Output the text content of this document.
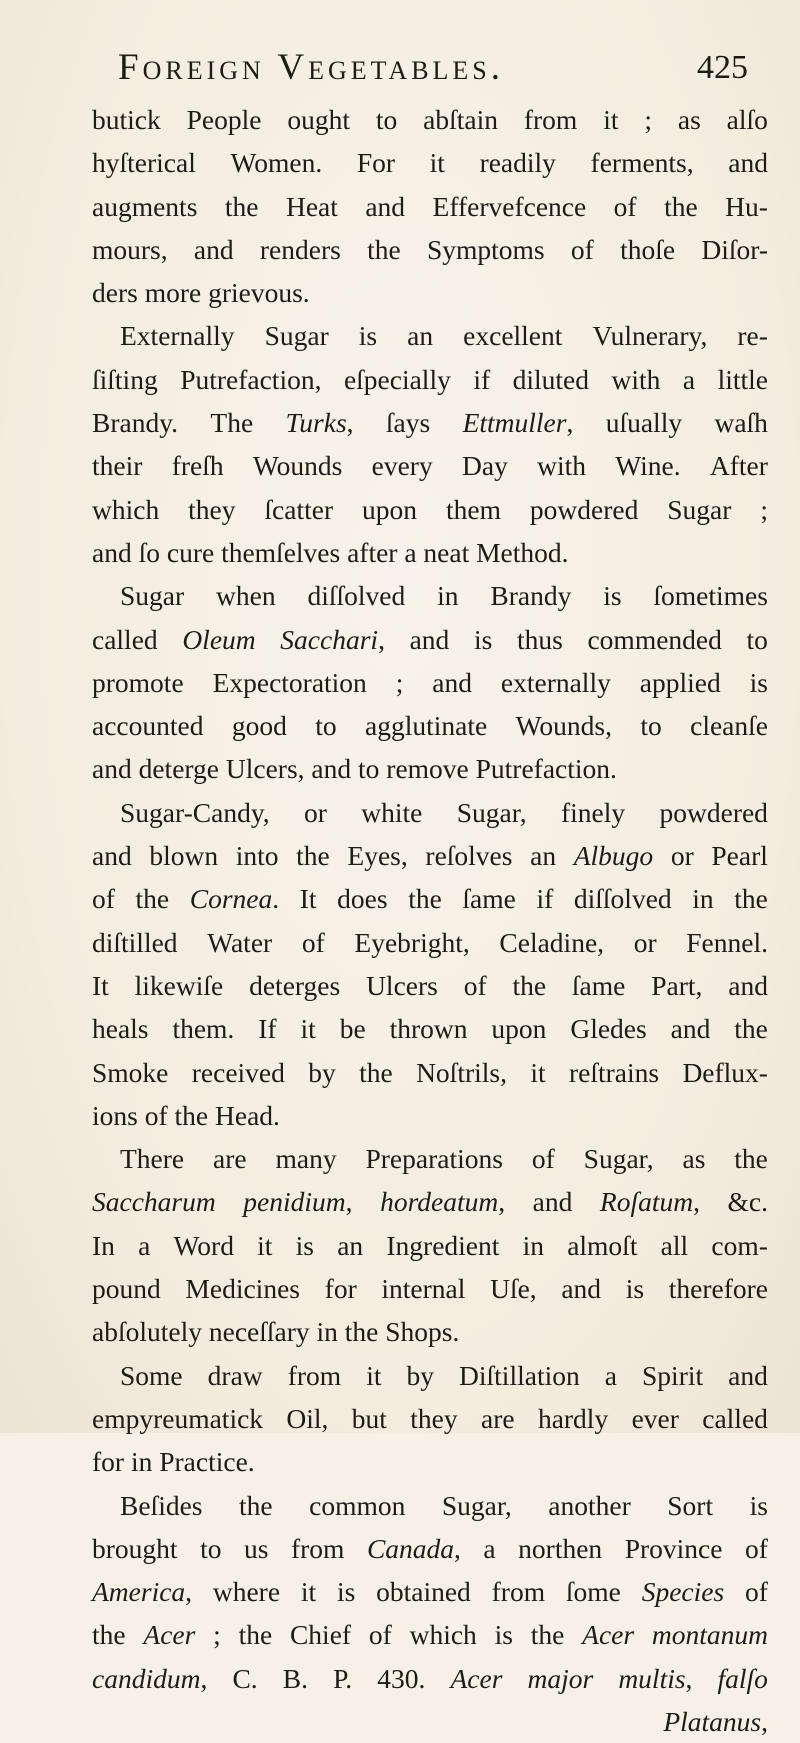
Foreign Vegetables.	425
butick People ought to abſtain from it ; as alſo
hyſterical Women. For it readily ferments, and
augments the Heat and Effervefcence of the Hu-
mours, and renders the Symptoms of thoſe Diſor-
ders more grievous.
Externally Sugar is an excellent Vulnerary, re-
ſiſting Putrefaction, eſpecially if diluted with a little
Brandy. The Turks, ſays Ettmuller, uſually waſh
their freſh Wounds every Day with Wine. After
which they ſcatter upon them powdered Sugar ;
and ſo cure themſelves after a neat Method.
Sugar when diſſolved in Brandy is ſometimes
called Oleum Sacchari, and is thus commended to
promote Expectoration ; and externally applied is
accounted good to agglutinate Wounds, to cleanſe
and deterge Ulcers, and to remove Putrefaction.
Sugar-Candy, or white Sugar, finely powdered
and blown into the Eyes, reſolves an Albugo or Pearl
of the Cornea. It does the ſame if diſſolved in the
diſtilled Water of Eyebright, Celadine, or Fennel.
It likewiſe deterges Ulcers of the ſame Part, and
heals them. If it be thrown upon Gledes and the
Smoke received by the Noſtrils, it reſtrains Deflux-
ions of the Head.
There are many Preparations of Sugar, as the
Saccharum penidium, hordeatum, and Roſatum, &c.
In a Word it is an Ingredient in almoſt all com-
pound Medicines for internal Uſe, and is therefore
abſolutely neceſſary in the Shops.
Some draw from it by Diſtillation a Spirit and
empyreumatick Oil, but they are hardly ever called
for in Practice.
Beſides the common Sugar, another Sort is
brought to us from Canada, a northen Province of
America, where it is obtained from ſome Species of
the Acer ; the Chief of which is the Acer montanum
candidum, C. B. P. 430. Acer major multis, falſo
Platanus ,
